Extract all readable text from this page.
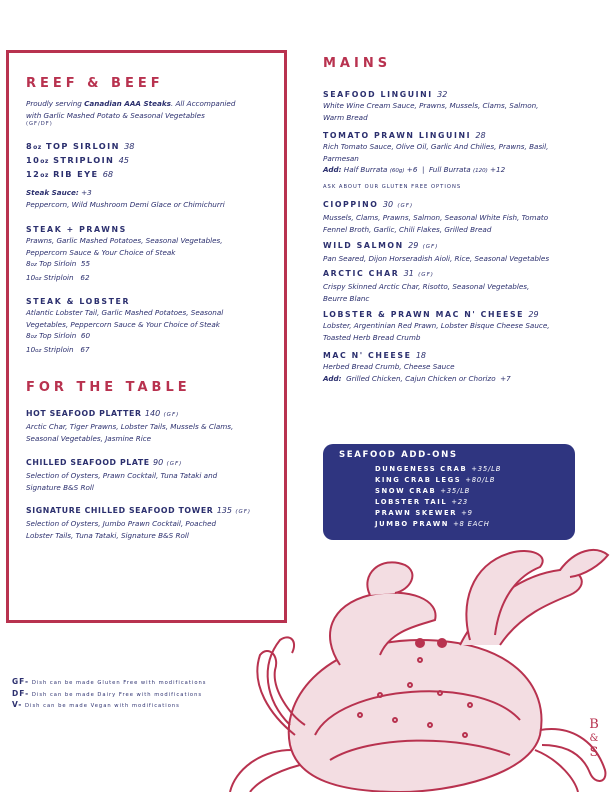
REEF & BEEF
Proudly serving Canadian AAA Steaks. All Accompanied
with Garlic Mashed Potato & Seasonal Vegetables
(GF/DF)
8oz TOP SIRLOIN 38
10oz STRIPLOIN 45
12oz RIB EYE 68
Steak Sauce: +3
Peppercorn, Wild Mushroom Demi Glace or Chimichurri
STEAK + PRAWNS
Prawns, Garlic Mashed Potatoes, Seasonal Vegetables,
Peppercorn Sauce & Your Choice of Steak
8oz Top Sirloin  55
10oz Striploin   62
STEAK & LOBSTER
Atlantic Lobster Tail, Garlic Mashed Potatoes, Seasonal
Vegetables, Peppercorn Sauce & Your Choice of Steak
8oz Top Sirloin  60
10oz Striploin   67
FOR THE TABLE
HOT SEAFOOD PLATTER 140 (GF)
Arctic Char, Tiger Prawns, Lobster Tails, Mussels & Clams,
Seasonal Vegetables, Jasmine Rice
CHILLED SEAFOOD PLATE 90 (GF)
Selection of Oysters, Prawn Cocktail, Tuna Tataki and
Signature B&S Roll
SIGNATURE CHILLED SEAFOOD TOWER 135 (GF)
Selection of Oysters, Jumbo Prawn Cocktail, Poached
Lobster Tails, Tuna Tataki, Signature B&S Roll
MAINS
SEAFOOD LINGUINI 32
White Wine Cream Sauce, Prawns, Mussels, Clams, Salmon,
Warm Bread
TOMATO PRAWN LINGUINI 28
Rich Tomato Sauce, Olive Oil, Garlic And Chilies, Prawns, Basil,
Parmesan
Add: Half Burrata (60g) +6  |  Full Burrata (120) +12
ASK ABOUT OUR GLUTEN FREE OPTIONS
CIOPPINO 30 (GF)
Mussels, Clams, Prawns, Salmon, Seasonal White Fish, Tomato
Fennel Broth, Garlic, Chili Flakes, Grilled Bread
WILD SALMON 29 (GF)
Pan Seared, Dijon Horseradish Aioli, Rice, Seasonal Vegetables
ARCTIC CHAR 31 (GF)
Crispy Skinned Arctic Char, Risotto, Seasonal Vegetables,
Beurre Blanc
LOBSTER & PRAWN MAC N' CHEESE 29
Lobster, Argentinian Red Prawn, Lobster Bisque Cheese Sauce,
Toasted Herb Bread Crumb
MAC N' CHEESE 18
Herbed Bread Crumb, Cheese Sauce
Add:  Grilled Chicken, Cajun Chicken or Chorizo  +7
SEAFOOD ADD-ONS
DUNGENESS CRAB +35/LB
KING CRAB LEGS +80/LB
SNOW CRAB +35/LB
LOBSTER TAIL +23
PRAWN SKEWER +9
JUMBO PRAWN +8 EACH
GF- Dish can be made Gluten Free with modifications
DF- Dish can be made Dairy Free with modifications
V- Dish can be made Vegan with modifications
B
&
S
